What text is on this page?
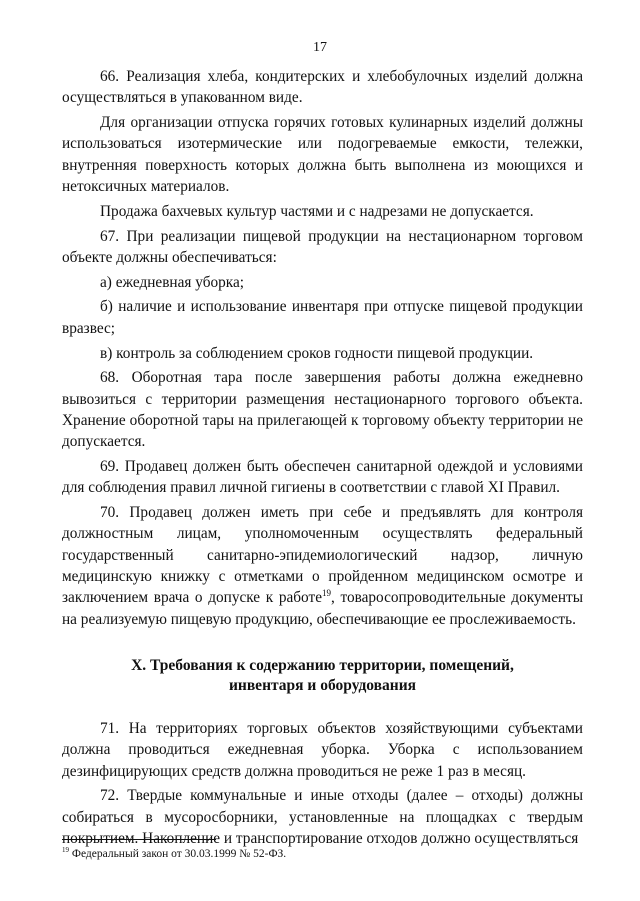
17

66. Реализация хлеба, кондитерских и хлебобулочных изделий должна осуществляться в упакованном виде.

Для организации отпуска горячих готовых кулинарных изделий должны использоваться изотермические или подогреваемые емкости, тележки, внутренняя поверхность которых должна быть выполнена из моющихся и нетоксичных материалов.

Продажа бахчевых культур частями и с надрезами не допускается.

67. При реализации пищевой продукции на нестационарном торговом объекте должны обеспечиваться:

а) ежедневная уборка;

б) наличие и использование инвентаря при отпуске пищевой продукции вразвес;

в) контроль за соблюдением сроков годности пищевой продукции.

68. Оборотная тара после завершения работы должна ежедневно вывозиться с территории размещения нестационарного торгового объекта. Хранение оборотной тары на прилегающей к торговому объекту территории не допускается.

69. Продавец должен быть обеспечен санитарной одеждой и условиями для соблюдения правил личной гигиены в соответствии с главой XI Правил.

70. Продавец должен иметь при себе и предъявлять для контроля должностным лицам, уполномоченным осуществлять федеральный государственный санитарно-эпидемиологический надзор, личную медицинскую книжку с отметками о пройденном медицинском осмотре и заключением врача о допуске к работе$^{19}$, товаросопроводительные документы на реализуемую пищевую продукцию, обеспечивающие ее прослеживаемость.

X. Требования к содержанию территории, помещений,
инвентаря и оборудования

71. На территориях торговых объектов хозяйствующими субъектами должна проводиться ежедневная уборка. Уборка с использованием дезинфицирующих средств должна проводиться не реже 1 раз в месяц.

72. Твердые коммунальные и иные отходы (далее – отходы) должны собираться в мусоросборники, установленные на площадках с твердым покрытием. Накопление и транспортирование отходов должно осуществляться

$^{19}$ Федеральный закон от 30.03.1999 № 52-ФЗ.
